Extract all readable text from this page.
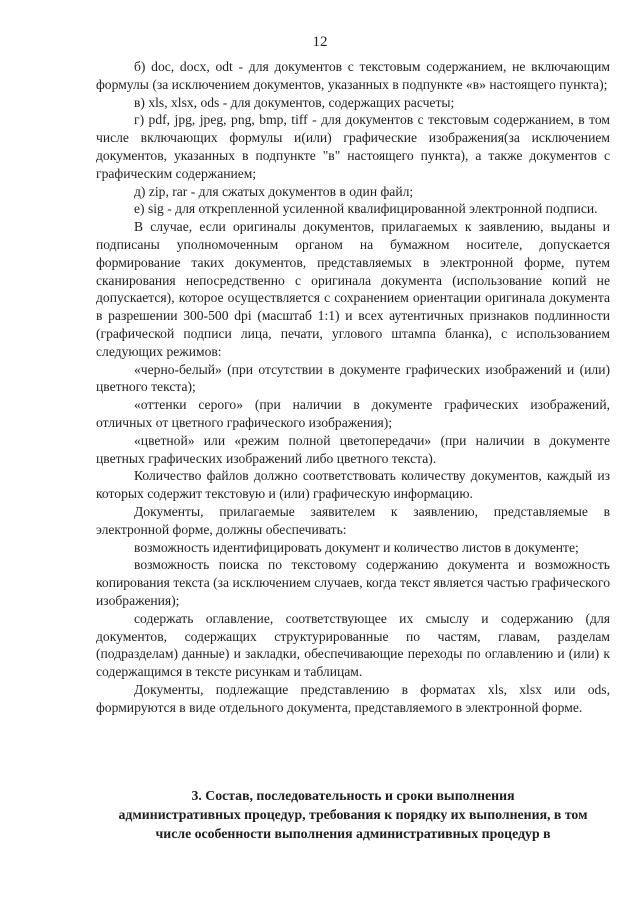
12

б) doc, docx, odt - для документов с текстовым содержанием, не включающим формулы (за исключением документов, указанных в подпункте «в» настоящего пункта);

в) xls, xlsx, ods - для документов, содержащих расчеты;

г) pdf, jpg, jpeg, png, bmp, tiff - для документов с текстовым содержанием, в том числе включающих формулы и(или) графические изображения(за исключением документов, указанных в подпункте "в" настоящего пункта), а также документов с графическим содержанием;

д) zip, rar - для сжатых документов в один файл;

е) sig - для открепленной усиленной квалифицированной электронной подписи.

В случае, если оригиналы документов, прилагаемых к заявлению, выданы и подписаны уполномоченным органом на бумажном носителе, допускается формирование таких документов, представляемых в электронной форме, путем сканирования непосредственно с оригинала документа (использование копий не допускается), которое осуществляется с сохранением ориентации оригинала документа в разрешении 300-500 dpi (масштаб 1:1) и всех аутентичных признаков подлинности (графической подписи лица, печати, углового штампа бланка), с использованием следующих режимов:

«черно-белый» (при отсутствии в документе графических изображений и (или) цветного текста);

«оттенки серого» (при наличии в документе графических изображений, отличных от цветного графического изображения);

«цветной» или «режим полной цветопередачи» (при наличии в документе цветных графических изображений либо цветного текста).

Количество файлов должно соответствовать количеству документов, каждый из которых содержит текстовую и (или) графическую информацию.

Документы, прилагаемые заявителем к заявлению, представляемые в электронной форме, должны обеспечивать:

возможность идентифицировать документ и количество листов в документе;

возможность поиска по текстовому содержанию документа и возможность копирования текста (за исключением случаев, когда текст является частью графического изображения);

содержать оглавление, соответствующее их смыслу и содержанию (для документов, содержащих структурированные по частям, главам, разделам (подразделам) данные) и закладки, обеспечивающие переходы по оглавлению и (или) к содержащимся в тексте рисункам и таблицам.

Документы, подлежащие представлению в форматах xls, xlsx или ods, формируются в виде отдельного документа, представляемого в электронной форме.

3. Состав, последовательность и сроки выполнения
административных процедур, требования к порядку их выполнения, в том
числе особенности выполнения административных процедур в
